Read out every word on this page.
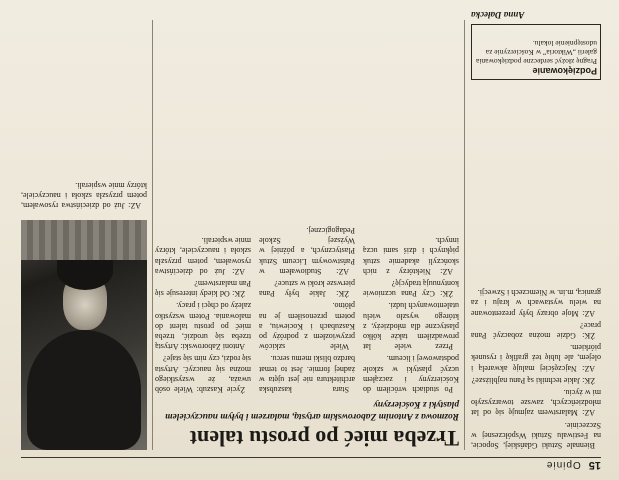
15
Opinie

Biennale Sztuki Gdańskiej, Sopocie, na Festiwalu Sztuki Współczesnej w Szczecinie.

AZ: Malarstwem zajmuję się od lat młodzieńczych, zawsze towarzyszyło mi w życiu.

ŻK: Jakie techniki są Panu najbliższe?

AZ: Najczęściej maluję akwarelą i olejem, ale lubię też grafikę i rysunek piórkiem.

ŻK: Gdzie można zobaczyć Pana prace?

AZ: Moje obrazy były prezentowane na wielu wystawach w kraju i za granicą, m.in. w Niemczech i Szwecji.

Podziękowanie
Pragnę złożyć serdeczne podziękowania galerii „Wiktoria” w Kościerzynie za udostępnienie lokalu.
Anna Dałecka
Trzeba mieć po prostu talent
Rozmowa z Antonim Zaborowskim artystą, malarzem i byłym nauczycielem plastyki z Kościerzyny

Po studiach wróciłem do Kościerzyny i zacząłem uczyć plastyki w szkole podstawowej i liceum.

Przez wiele lat prowadziłem także kółko plastyczne dla młodzieży, z którego wyszło wielu utalentowanych ludzi.

ŻK: Czy Pana uczniowie kontynuują tradycję?

AZ: Niektórzy z nich skończyli akademie sztuk pięknych i dziś sami uczą innych.

Stara kaszubska architektura nie jest ujęta w żadnej formie. Jest to temat bardzo bliski memu sercu.

Wiele szkiców przywiozłem z podróży po Kaszubach i Kociewiu, a potem przenosiłem je na płótno.

ŻK: Jakie były Pana pierwsze kroki w sztuce?

AZ: Studiowałem w Państwowym Liceum Sztuk Plastycznych, a później w Wyższej Szkole Pedagogicznej.

Życie Kaszub: Wiele osób uważa, że wszystkiego można się nauczyć. Artysta się rodzi, czy nim się staje?

Antoni Zaborowski: Artystą trzeba się urodzić, trzeba mieć po prostu talent do malowania. Potem wszystko zależy od chęci i pracy.

ŻK: Od kiedy interesuje się Pan malarstwem?

AZ: Już od dzieciństwa rysowałem, potem przyszła szkoła i nauczyciele, którzy mnie wspierali.

AZ: Już od dzieciństwa rysowałem, potem przyszła szkoła i nauczyciele, którzy mnie wspierali.
